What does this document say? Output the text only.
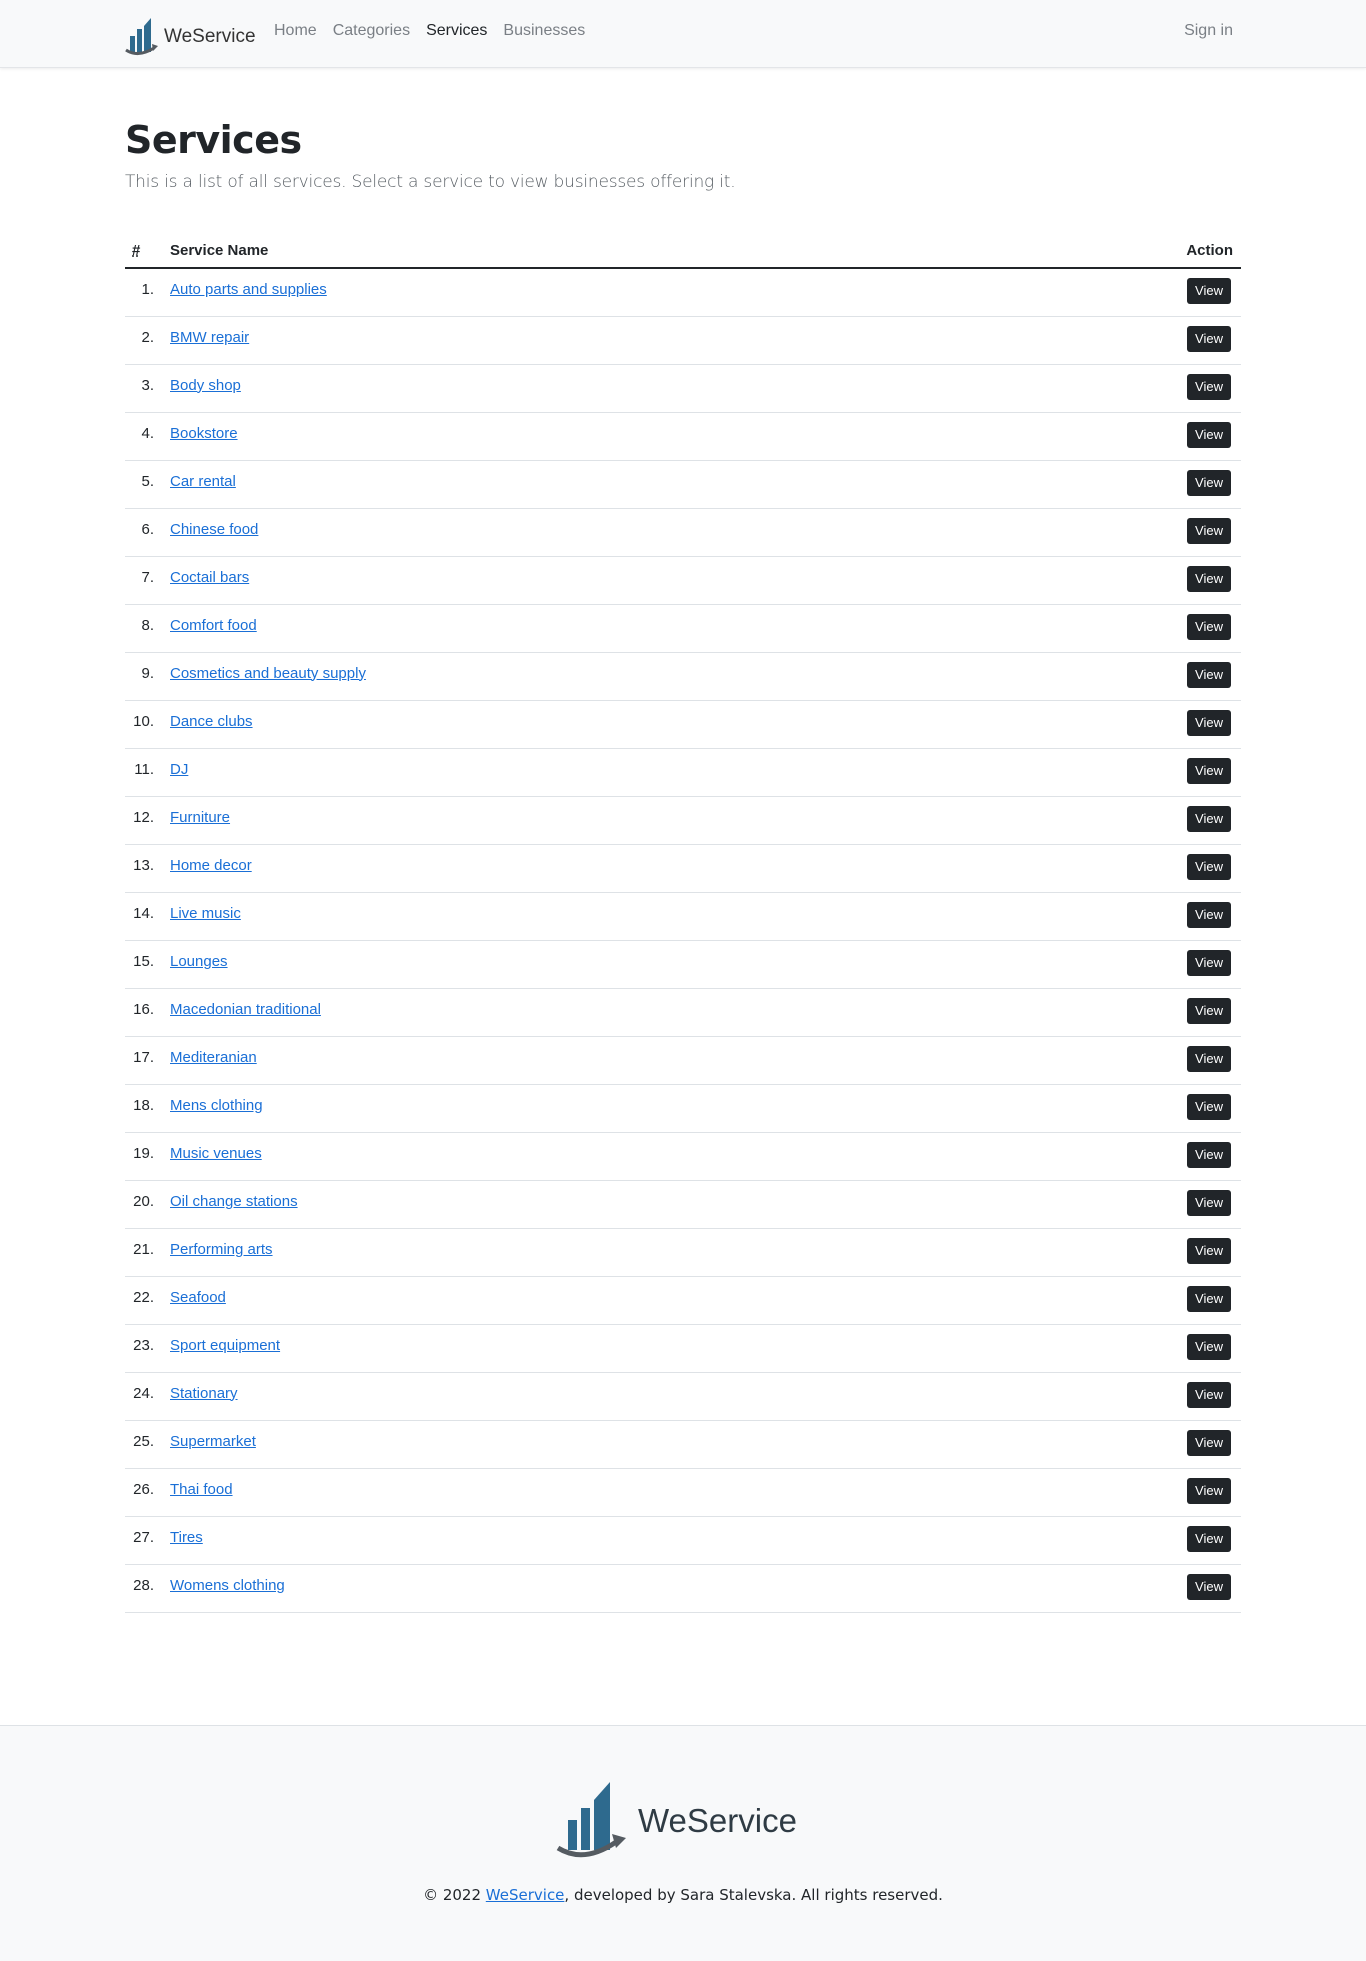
WeService Home Categories Services Businesses	Sign in
Services

This is a list of all services. Select a service to view businesses offering it.

#	Service Name	Action
1.	Auto parts and supplies	View
2.	BMW repair	View
3.	Body shop	View
4.	Bookstore	View
5.	Car rental	View
6.	Chinese food	View
7.	Coctail bars	View
8.	Comfort food	View
9.	Cosmetics and beauty supply	View
10.	Dance clubs	View
11.	DJ	View
12.	Furniture	View
13.	Home decor	View
14.	Live music	View
15.	Lounges	View
16.	Macedonian traditional	View
17.	Mediteranian	View
18.	Mens clothing	View
19.	Music venues	View
20.	Oil change stations	View
21.	Performing arts	View
22.	Seafood	View
23.	Sport equipment	View
24.	Stationary	View
25.	Supermarket	View
26.	Thai food	View
27.	Tires	View
28.	Womens clothing	View
WeService

© 2022 WeService, developed by Sara Stalevska. All rights reserved.
